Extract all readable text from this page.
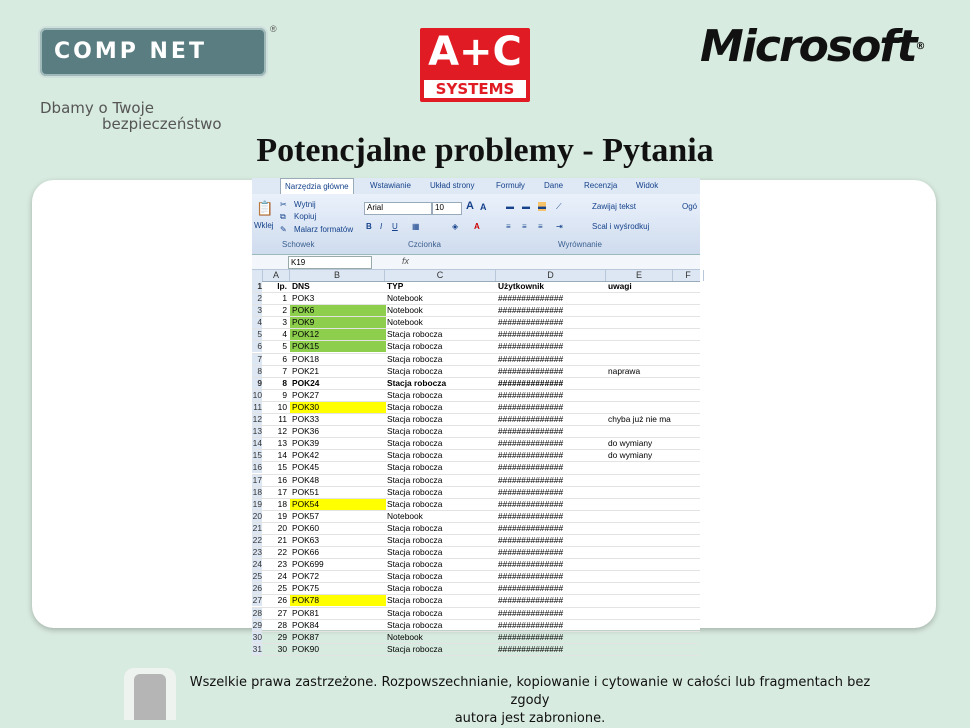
COMP NET
®
Dbamy o Twoje
bezpieczeństwo
A+C
SYSTEMS
Microsoft®
Potencjalne problemy - Pytania
Narzędzia główne	Wstawianie Układ strony	Formuły Dane	Recenzja Widok
📋
Wklej
✂ Wytnij
⧉ Kopiuj
✎ Malarz formatów
Schowek
Arial	10	A A
B I U ▦	◈ A
Czcionka
▬ ▬ ▬ ⟋
≡ ≡ ≡ ⇥
Zawijaj tekst
Scal i wyśrodkuj
Wyrównanie
Ogó
K19	fx
A	B	C	D	E	F
1	lp. DNS	TYP	Użytkownik	uwagi
2	1 POK3	Notebook	##############
3	2 POK6	Notebook	##############
4	3 POK9	Notebook	##############
5	4 POK12	Stacja robocza	##############
6	5 POK15	Stacja robocza	##############
7	6 POK18	Stacja robocza	##############
8	7 POK21	Stacja robocza	##############	naprawa
9	8 POK24	Stacja robocza	##############
10	9 POK27	Stacja robocza	##############
11	10 POK30	Stacja robocza	##############
12	11 POK33	Stacja robocza	##############	chyba już nie ma
13	12 POK36	Stacja robocza	##############
14	13 POK39	Stacja robocza	##############	do wymiany
15	14 POK42	Stacja robocza	##############	do wymiany
16	15 POK45	Stacja robocza	##############
17	16 POK48	Stacja robocza	##############
18	17 POK51	Stacja robocza	##############
19	18 POK54	Stacja robocza	##############
20	19 POK57	Notebook	##############
21	20 POK60	Stacja robocza	##############
22	21 POK63	Stacja robocza	##############
23	22 POK66	Stacja robocza	##############
24	23 POK699	Stacja robocza	##############
25	24 POK72	Stacja robocza	##############
26	25 POK75	Stacja robocza	##############
27	26 POK78	Stacja robocza	##############
28	27 POK81	Stacja robocza	##############
29	28 POK84	Stacja robocza	##############
30	29 POK87	Notebook	##############
31	30 POK90	Stacja robocza	##############
Wszelkie prawa zastrzeżone. Rozpowszechnianie, kopiowanie i cytowanie w całości lub fragmentach bez zgody
autora jest zabronione.
